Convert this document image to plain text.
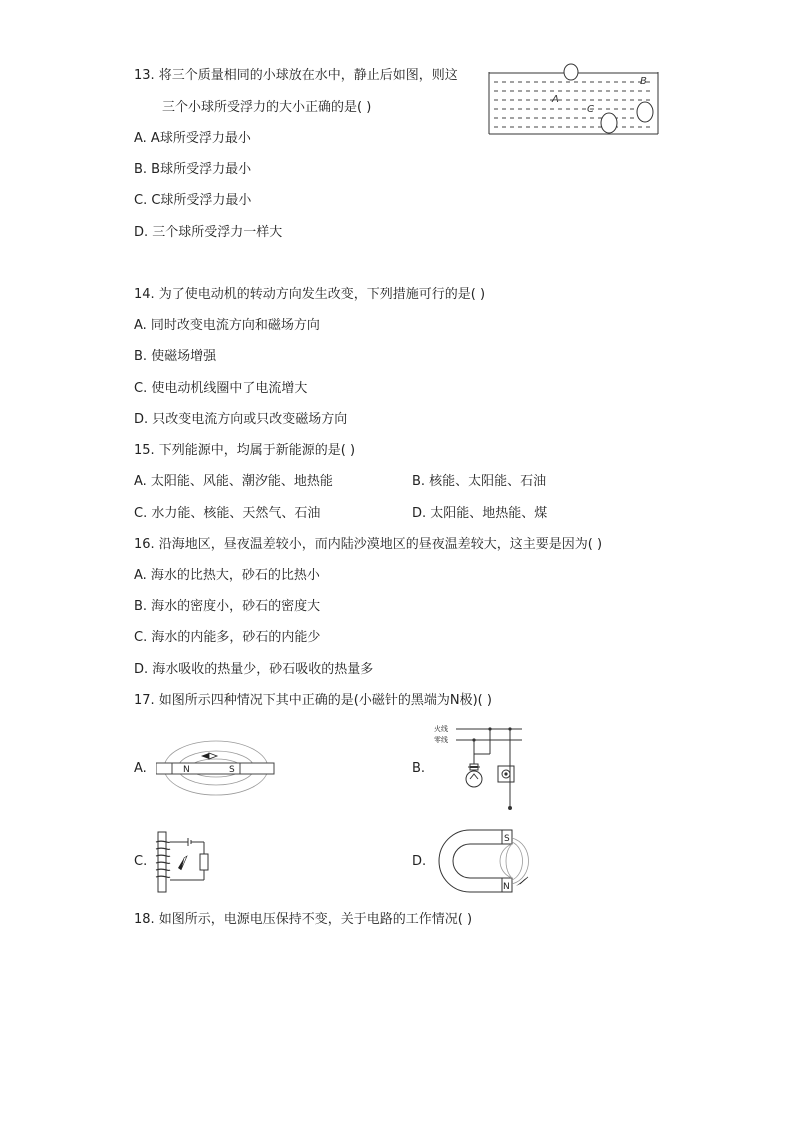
13. 将三个质量相同的小球放在水中，静止后如图，则这
三个小球所受浮力的大小正确的是( )
A. A球所受浮力最小
B. B球所受浮力最小
C. C球所受浮力最小
D. 三个球所受浮力一样大
A
B
C
14. 为了使电动机的转动方向发生改变，下列措施可行的是( )
A. 同时改变电流方向和磁场方向
B. 使磁场增强
C. 使电动机线圈中了电流增大
D. 只改变电流方向或只改变磁场方向
15. 下列能源中，均属于新能源的是( )
A. 太阳能、风能、潮汐能、地热能	B. 核能、太阳能、石油
C. 水力能、核能、天然气、石油	D. 太阳能、地热能、煤
16. 沿海地区，昼夜温差较小，而内陆沙漠地区的昼夜温差较大，这主要是因为( )
A. 海水的比热大，砂石的比热小
B. 海水的密度小，砂石的密度大
C. 海水的内能多，砂石的内能少
D. 海水吸收的热量少，砂石吸收的热量多
17. 如图所示四种情况下其中正确的是(小磁针的黑端为N极)( )
A.	N	S	B.
火线
零线
C.	D.
S
N
18. 如图所示，电源电压保持不变，关于电路的工作情况( )
